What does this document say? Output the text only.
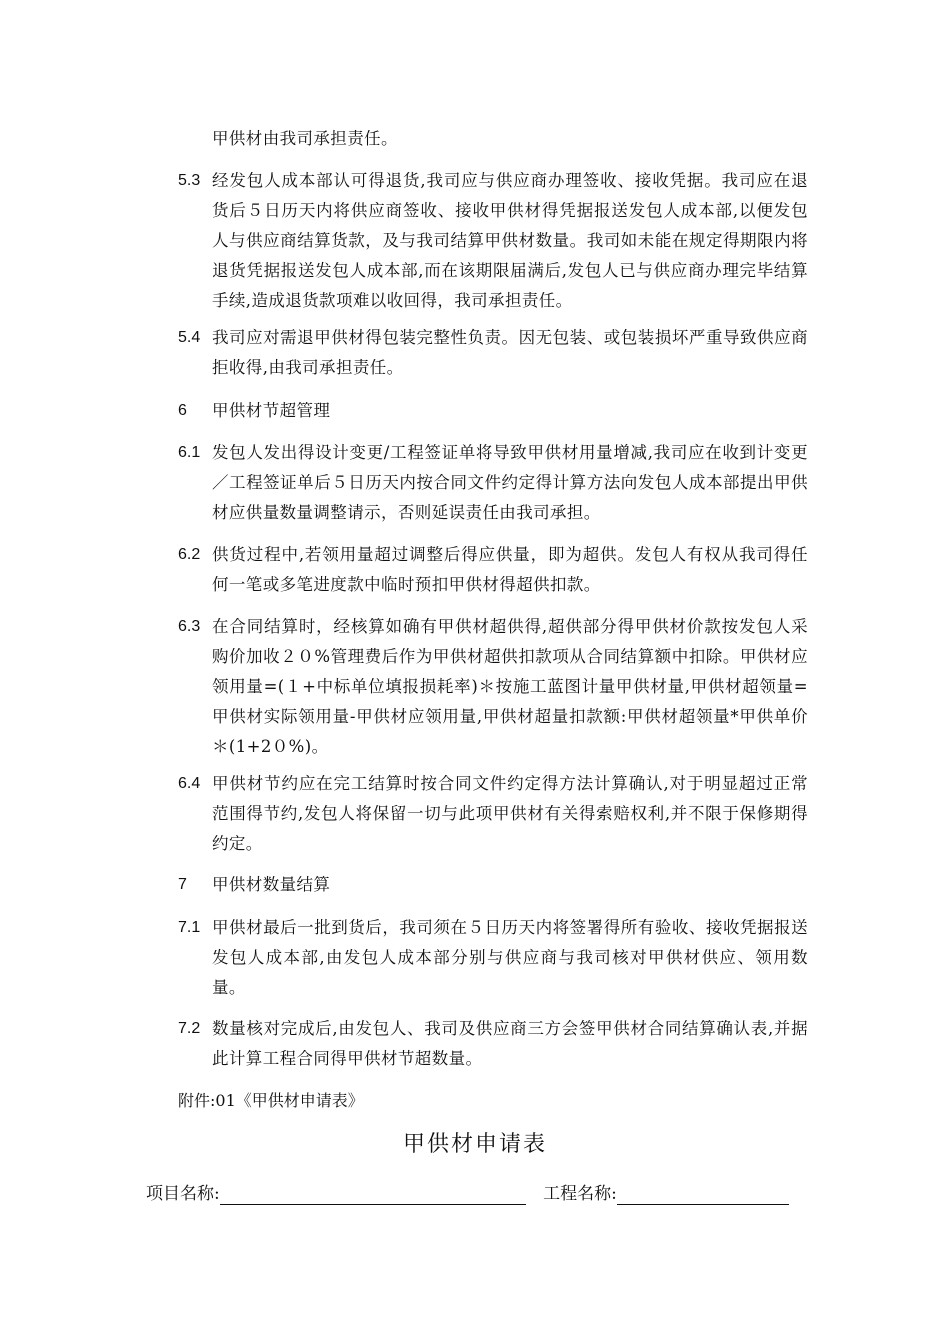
甲供材由我司承担责任。
5.3 经发包人成本部认可得退货,我司应与供应商办理签收、接收凭据。我司应在退货后５日历天内将供应商签收、接收甲供材得凭据报送发包人成本部,以便发包人与供应商结算货款，及与我司结算甲供材数量。我司如未能在规定得期限内将退货凭据报送发包人成本部,而在该期限届满后,发包人已与供应商办理完毕结算手续,造成退货款项难以收回得，我司承担责任。
5.4 我司应对需退甲供材得包装完整性负责。因无包装、或包装损坏严重导致供应商拒收得,由我司承担责任。
6 甲供材节超管理
6.1 发包人发出得设计变更/工程签证单将导致甲供材用量增减,我司应在收到计变更／工程签证单后５日历天内按合同文件约定得计算方法向发包人成本部提出甲供材应供量数量调整请示，否则延误责任由我司承担。
6.2 供货过程中,若领用量超过调整后得应供量，即为超供。发包人有权从我司得任何一笔或多笔进度款中临时预扣甲供材得超供扣款。
6.3 在合同结算时，经核算如确有甲供材超供得,超供部分得甲供材价款按发包人采购价加收２０%管理费后作为甲供材超供扣款项从合同结算额中扣除。甲供材应领用量=(１+中标单位填报损耗率)＊按施工蓝图计量甲供材量,甲供材超领量=甲供材实际领用量-甲供材应领用量,甲供材超量扣款额:甲供材超领量*甲供单价＊(1+2０%)。
6.4 甲供材节约应在完工结算时按合同文件约定得方法计算确认,对于明显超过正常范围得节约,发包人将保留一切与此项甲供材有关得索赔权利,并不限于保修期得约定。
7 甲供材数量结算
7.1 甲供材最后一批到货后，我司须在５日历天内将签署得所有验收、接收凭据报送发包人成本部,由发包人成本部分别与供应商与我司核对甲供材供应、领用数量。
7.2 数量核对完成后,由发包人、我司及供应商三方会签甲供材合同结算确认表,并据此计算工程合同得甲供材节超数量。
附件:01《甲供材申请表》
甲供材申请表
项目名称:	工程名称:
